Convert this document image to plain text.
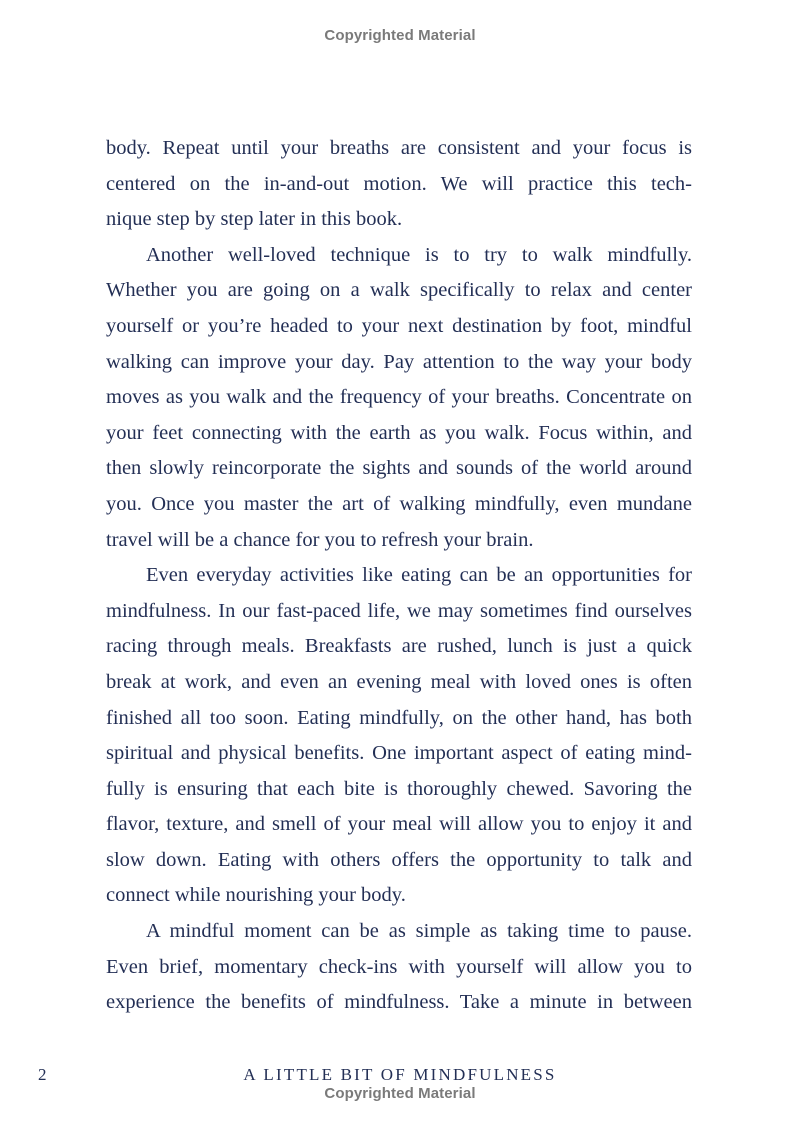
Copyrighted Material
body. Repeat until your breaths are consistent and your focus is
centered on the in-and-out motion. We will practice this tech-
nique step by step later in this book.
Another well-loved technique is to try to walk mindfully.
Whether you are going on a walk specifically to relax and center
yourself or you’re headed to your next destination by foot, mindful
walking can improve your day. Pay attention to the way your body
moves as you walk and the frequency of your breaths. Concentrate on
your feet connecting with the earth as you walk. Focus within, and
then slowly reincorporate the sights and sounds of the world around
you. Once you master the art of walking mindfully, even mundane
travel will be a chance for you to refresh your brain.
Even everyday activities like eating can be an opportunities for
mindfulness. In our fast-paced life, we may sometimes find ourselves
racing through meals. Breakfasts are rushed, lunch is just a quick
break at work, and even an evening meal with loved ones is often
finished all too soon. Eating mindfully, on the other hand, has both
spiritual and physical benefits. One important aspect of eating mind-
fully is ensuring that each bite is thoroughly chewed. Savoring the
flavor, texture, and smell of your meal will allow you to enjoy it and
slow down. Eating with others offers the opportunity to talk and
connect while nourishing your body.
A mindful moment can be as simple as taking time to pause.
Even brief, momentary check-ins with yourself will allow you to
experience the benefits of mindfulness. Take a minute in between
2	A LITTLE BIT OF MINDFULNESS
Copyrighted Material
